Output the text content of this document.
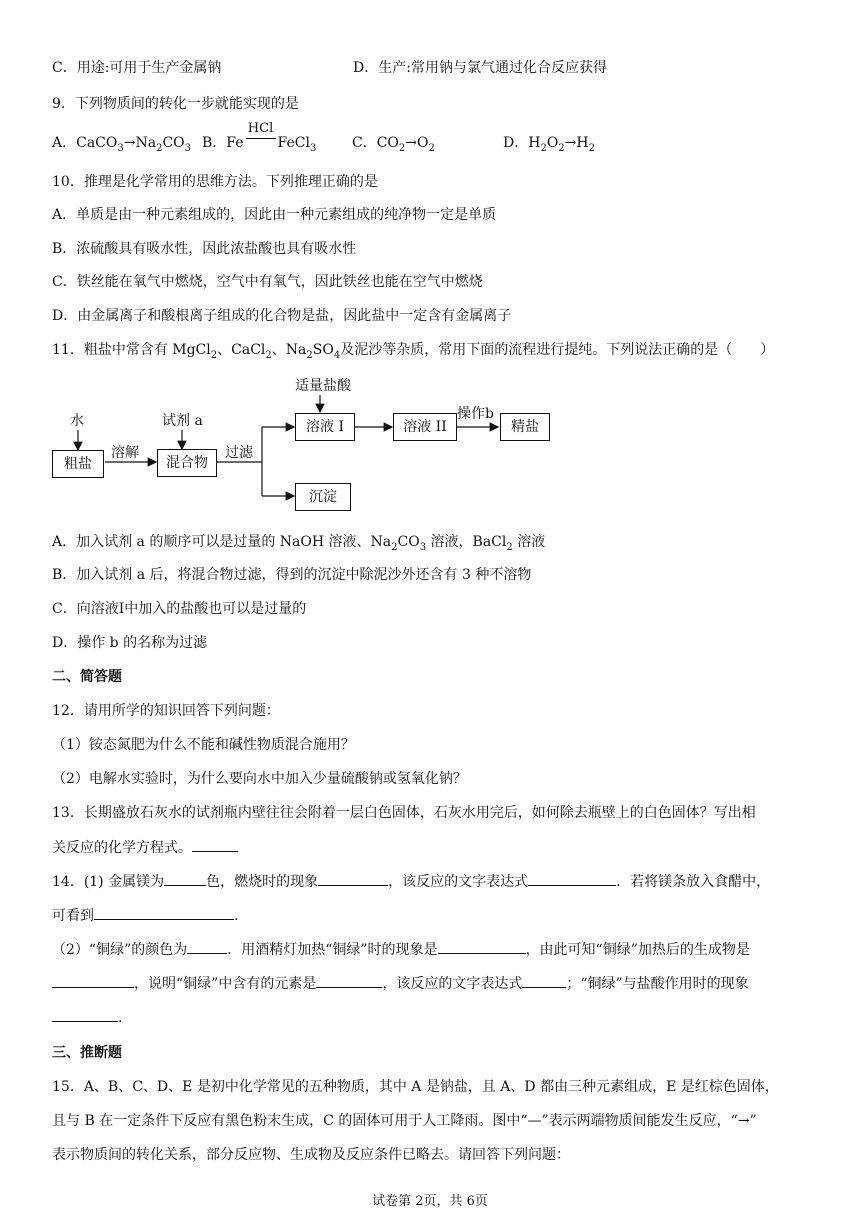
C．用途:可用于生产金属钠	D．生产:常用钠与氯气通过化合反应获得
9．下列物质间的转化一步就能实现的是
A．$CaCO_3\to Na_2CO_3$ B．Fe
HCl
FeCl$_3$	C．$CO_2\to O_2$	D．$H_2O_2\to H_2$
10．推理是化学常用的思维方法。下列推理正确的是
A．单质是由一种元素组成的，因此由一种元素组成的纯净物一定是单质
B．浓硫酸具有吸水性，因此浓盐酸也具有吸水性
C．铁丝能在氧气中燃烧，空气中有氧气，因此铁丝也能在空气中燃烧
D．由金属离子和酸根离子组成的化合物是盐，因此盐中一定含有金属离子
11．粗盐中常含有 MgCl$_2$、CaCl$_2$、$Na_2SO_4$及泥沙等杂质，常用下面的流程进行提纯。下列说法正确的是（　　）
水
粗盐
溶解
试剂 a
混合物
过滤
适量盐酸
溶液 I	溶液 II
操作b
精盐
沉淀
A．加入试剂 a 的顺序可以是过量的 NaOH 溶液、$Na_2CO_3$ 溶液，BaCl$_2$ 溶液
B．加入试剂 a 后，将混合物过滤，得到的沉淀中除泥沙外还含有 3 种不溶物
C．向溶液Ⅰ中加入的盐酸也可以是过量的
D．操作 b 的名称为过滤
二、简答题
12．请用所学的知识回答下列问题：
（1）铵态氮肥为什么不能和碱性物质混合施用？
（2）电解水实验时，为什么要向水中加入少量硫酸钠或氢氧化钠？
13．长期盛放石灰水的试剂瓶内壁往往会附着一层白色固体，石灰水用完后，如何除去瓶壁上的白色固体？写出相
关反应的化学方程式。
14．(1) 金属镁为	色，燃烧时的现象	，该反应的文字表达式	．若将镁条放入食醋中，
可看到	.
（2）“铜绿”的颜色为	．用酒精灯加热“铜绿”时的现象是	，由此可知“铜绿”加热后的生成物是
，说明“铜绿”中含有的元素是	，该反应的文字表达式	；“铜绿”与盐酸作用时的现象
.
三、推断题
15．A、B、C、D、E 是初中化学常见的五种物质，其中 A 是钠盐，且 A、D 都由三种元素组成，E 是红棕色固体，
且与 B 在一定条件下反应有黑色粉末生成，C 的固体可用于人工降雨。图中“—”表示两端物质间能发生反应，“→”
表示物质间的转化关系，部分反应物、生成物及反应条件已略去。请回答下列问题：
试卷第 2页，共 6页
